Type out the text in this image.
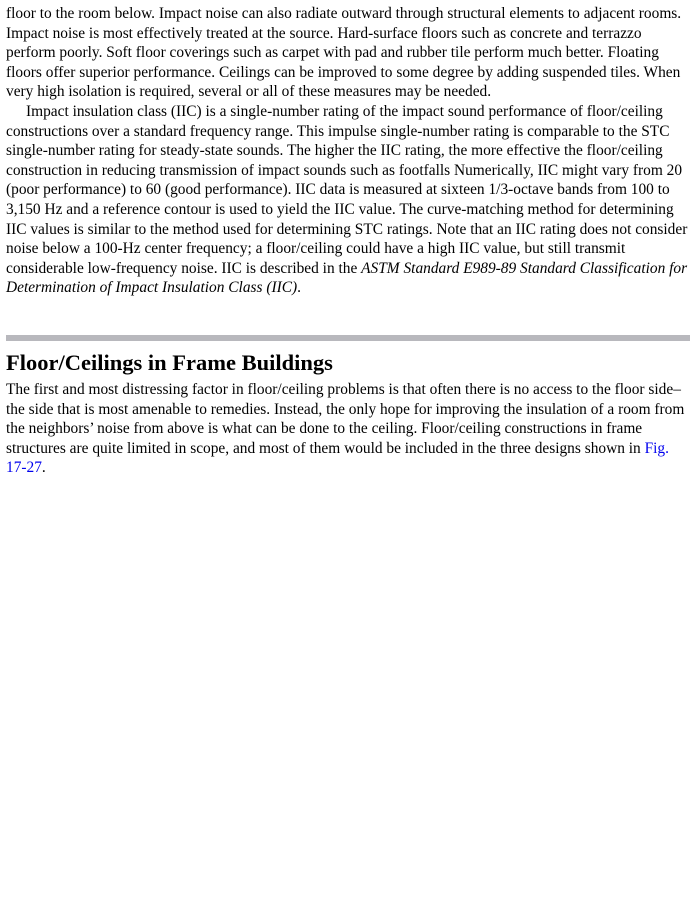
floor to the room below. Impact noise can also radiate outward through structural elements to adjacent rooms. Impact noise is most effectively treated at the source. Hard-surface floors such as concrete and terrazzo perform poorly. Soft floor coverings such as carpet with pad and rubber tile perform much better. Floating floors offer superior performance. Ceilings can be improved to some degree by adding suspended tiles. When very high isolation is required, several or all of these measures may be needed.

Impact insulation class (IIC) is a single-number rating of the impact sound performance of floor/ceiling constructions over a standard frequency range. This impulse single-number rating is comparable to the STC single-number rating for steady-state sounds. The higher the IIC rating, the more effective the floor/ceiling construction in reducing transmission of impact sounds such as footfalls Numerically, IIC might vary from 20 (poor performance) to 60 (good performance). IIC data is measured at sixteen 1/3-octave bands from 100 to 3,150 Hz and a reference contour is used to yield the IIC value. The curve-matching method for determining IIC values is similar to the method used for determining STC ratings. Note that an IIC rating does not consider noise below a 100-Hz center frequency; a floor/ceiling could have a high IIC value, but still transmit considerable low-frequency noise. IIC is described in the ASTM Standard E989-89 Standard Classification for Determination of Impact Insulation Class (IIC).

Floor/Ceilings in Frame Buildings

The first and most distressing factor in floor/ceiling problems is that often there is no access to the floor side–the side that is most amenable to remedies. Instead, the only hope for improving the insulation of a room from the neighbors’ noise from above is what can be done to the ceiling. Floor/ceiling constructions in frame structures are quite limited in scope, and most of them would be included in the three designs shown in Fig. 17-27.
